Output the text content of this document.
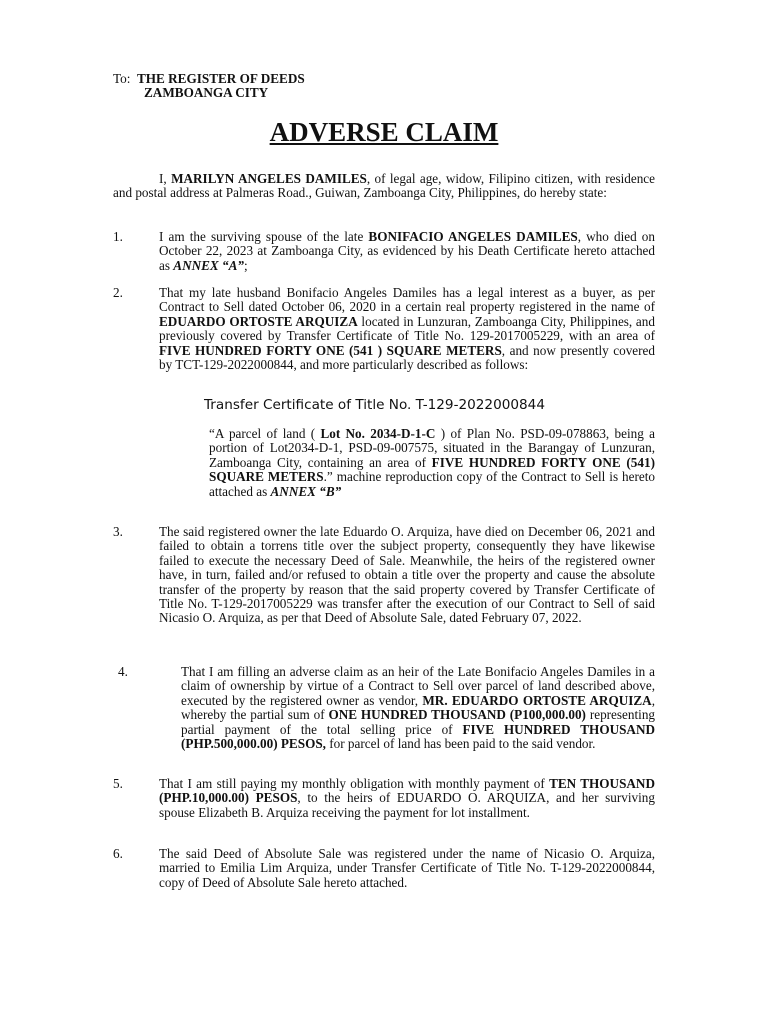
To: THE REGISTER OF DEEDS
ZAMBOANGA CITY
ADVERSE CLAIM
I, MARILYN ANGELES DAMILES, of legal age, widow, Filipino citizen, with residence and postal address at Palmeras Road., Guiwan, Zamboanga City, Philippines, do hereby state:
1.	I am the surviving spouse of the late BONIFACIO ANGELES DAMILES, who died on October 22, 2023 at Zamboanga City, as evidenced by his Death Certificate hereto attached as ANNEX “A”;
2.	That my late husband Bonifacio Angeles Damiles has a legal interest as a buyer, as per Contract to Sell dated October 06, 2020 in a certain real property registered in the name of EDUARDO ORTOSTE ARQUIZA located in Lunzuran, Zamboanga City, Philippines, and previously covered by Transfer Certificate of Title No. 129-2017005229, with an area of FIVE HUNDRED FORTY ONE (541 ) SQUARE METERS, and now presently covered by TCT-129-2022000844, and more particularly described as follows:
Transfer Certificate of Title No. T-129-2022000844
“A parcel of land ( Lot No. 2034-D-1-C ) of Plan No. PSD-09-078863, being a portion of Lot2034-D-1, PSD-09-007575, situated in the Barangay of Lunzuran, Zamboanga City, containing an area of FIVE HUNDRED FORTY ONE (541) SQUARE METERS.” machine reproduction copy of the Contract to Sell is hereto attached as ANNEX “B”
3.	The said registered owner the late Eduardo O. Arquiza, have died on December 06, 2021 and failed to obtain a torrens title over the subject property, consequently they have likewise failed to execute the necessary Deed of Sale. Meanwhile, the heirs of the registered owner have, in turn, failed and/or refused to obtain a title over the property and cause the absolute transfer of the property by reason that the said property covered by Transfer Certificate of Title No. T-129-2017005229 was transfer after the execution of our Contract to Sell of said Nicasio O. Arquiza, as per that Deed of Absolute Sale, dated February 07, 2022.
4.	That I am filling an adverse claim as an heir of the Late Bonifacio Angeles Damiles in a claim of ownership by virtue of a Contract to Sell over parcel of land described above, executed by the registered owner as vendor, MR. EDUARDO ORTOSTE ARQUIZA, whereby the partial sum of ONE HUNDRED THOUSAND (P100,000.00) representing partial payment of the total selling price of FIVE HUNDRED THOUSAND (PHP.500,000.00) PESOS, for parcel of land has been paid to the said vendor.
5.	That I am still paying my monthly obligation with monthly payment of TEN THOUSAND (PHP.10,000.00) PESOS, to the heirs of EDUARDO O. ARQUIZA, and her surviving spouse Elizabeth B. Arquiza receiving the payment for lot installment.
6.	The said Deed of Absolute Sale was registered under the name of Nicasio O. Arquiza, married to Emilia Lim Arquiza, under Transfer Certificate of Title No. T-129-2022000844, copy of Deed of Absolute Sale hereto attached.
